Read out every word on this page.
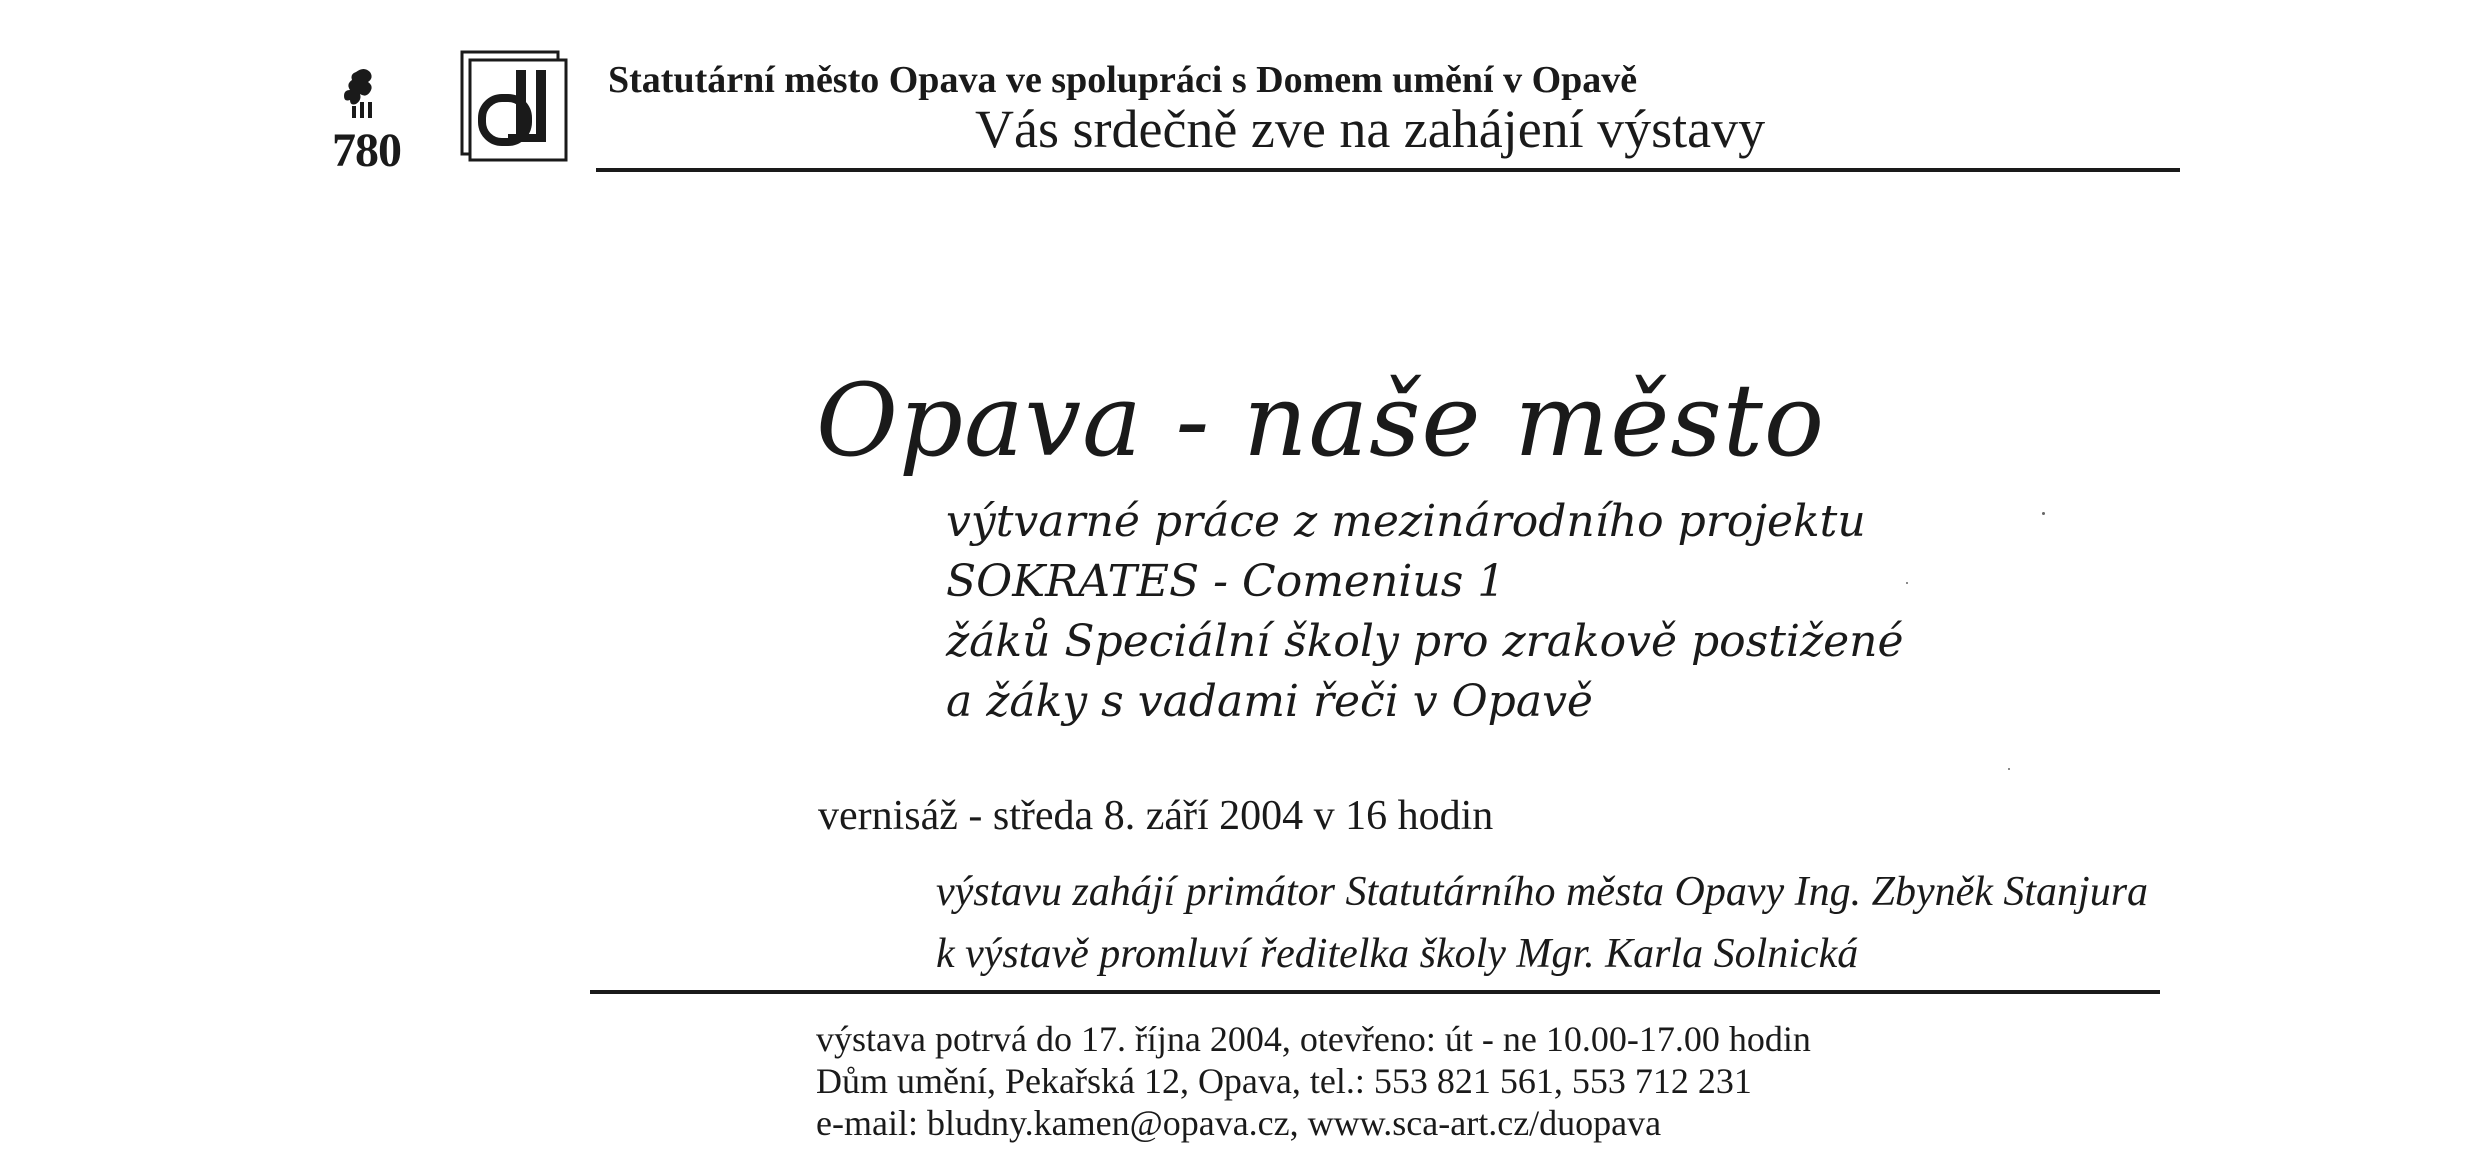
780
Statutární město Opava ve spolupráci s Domem umění v Opavě
Vás srdečně zve na zahájení výstavy
Opava - naše město
výtvarné práce z mezinárodního projektu
SOKRATES - Comenius 1
žáků Speciální školy pro zrakově postižené
a žáky s vadami řeči v Opavě
vernisáž - středa 8. září 2004 v 16 hodin
výstavu zahájí primátor Statutárního města Opavy Ing. Zbyněk Stanjura
k výstavě promluví ředitelka školy Mgr. Karla Solnická
výstava potrvá do 17. října 2004, otevřeno: út - ne 10.00-17.00 hodin
Dům umění, Pekařská 12, Opava, tel.: 553 821 561, 553 712 231
e-mail: bludny.kamen@opava.cz, www.sca-art.cz/duopava
